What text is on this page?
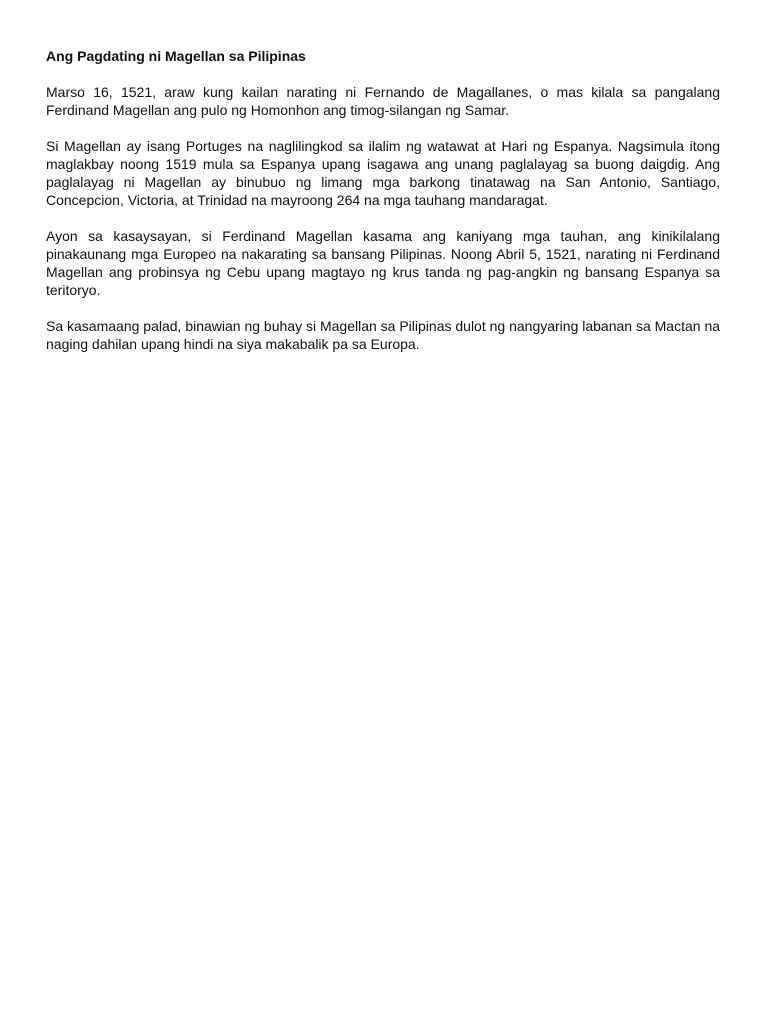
Ang Pagdating ni Magellan sa Pilipinas

Marso 16, 1521, araw kung kailan narating ni Fernando de Magallanes, o mas kilala sa pangalang Ferdinand Magellan ang pulo ng Homonhon ang timog-silangan ng Samar.

Si Magellan ay isang Portuges na naglilingkod sa ilalim ng watawat at Hari ng Espanya. Nagsimula itong maglakbay noong 1519 mula sa Espanya upang isagawa ang unang paglalayag sa buong daigdig. Ang paglalayag ni Magellan ay binubuo ng limang mga barkong tinatawag na San Antonio, Santiago, Concepcion, Victoria, at Trinidad na mayroong 264 na mga tauhang mandaragat.

Ayon sa kasaysayan, si Ferdinand Magellan kasama ang kaniyang mga tauhan, ang kinikilalang pinakaunang mga Europeo na nakarating sa bansang Pilipinas. Noong Abril 5, 1521, narating ni Ferdinand Magellan ang probinsya ng Cebu upang magtayo ng krus tanda ng pag-angkin ng bansang Espanya sa teritoryo.

Sa kasamaang palad, binawian ng buhay si Magellan sa Pilipinas dulot ng nangyaring labanan sa Mactan na naging dahilan upang hindi na siya makabalik pa sa Europa.
